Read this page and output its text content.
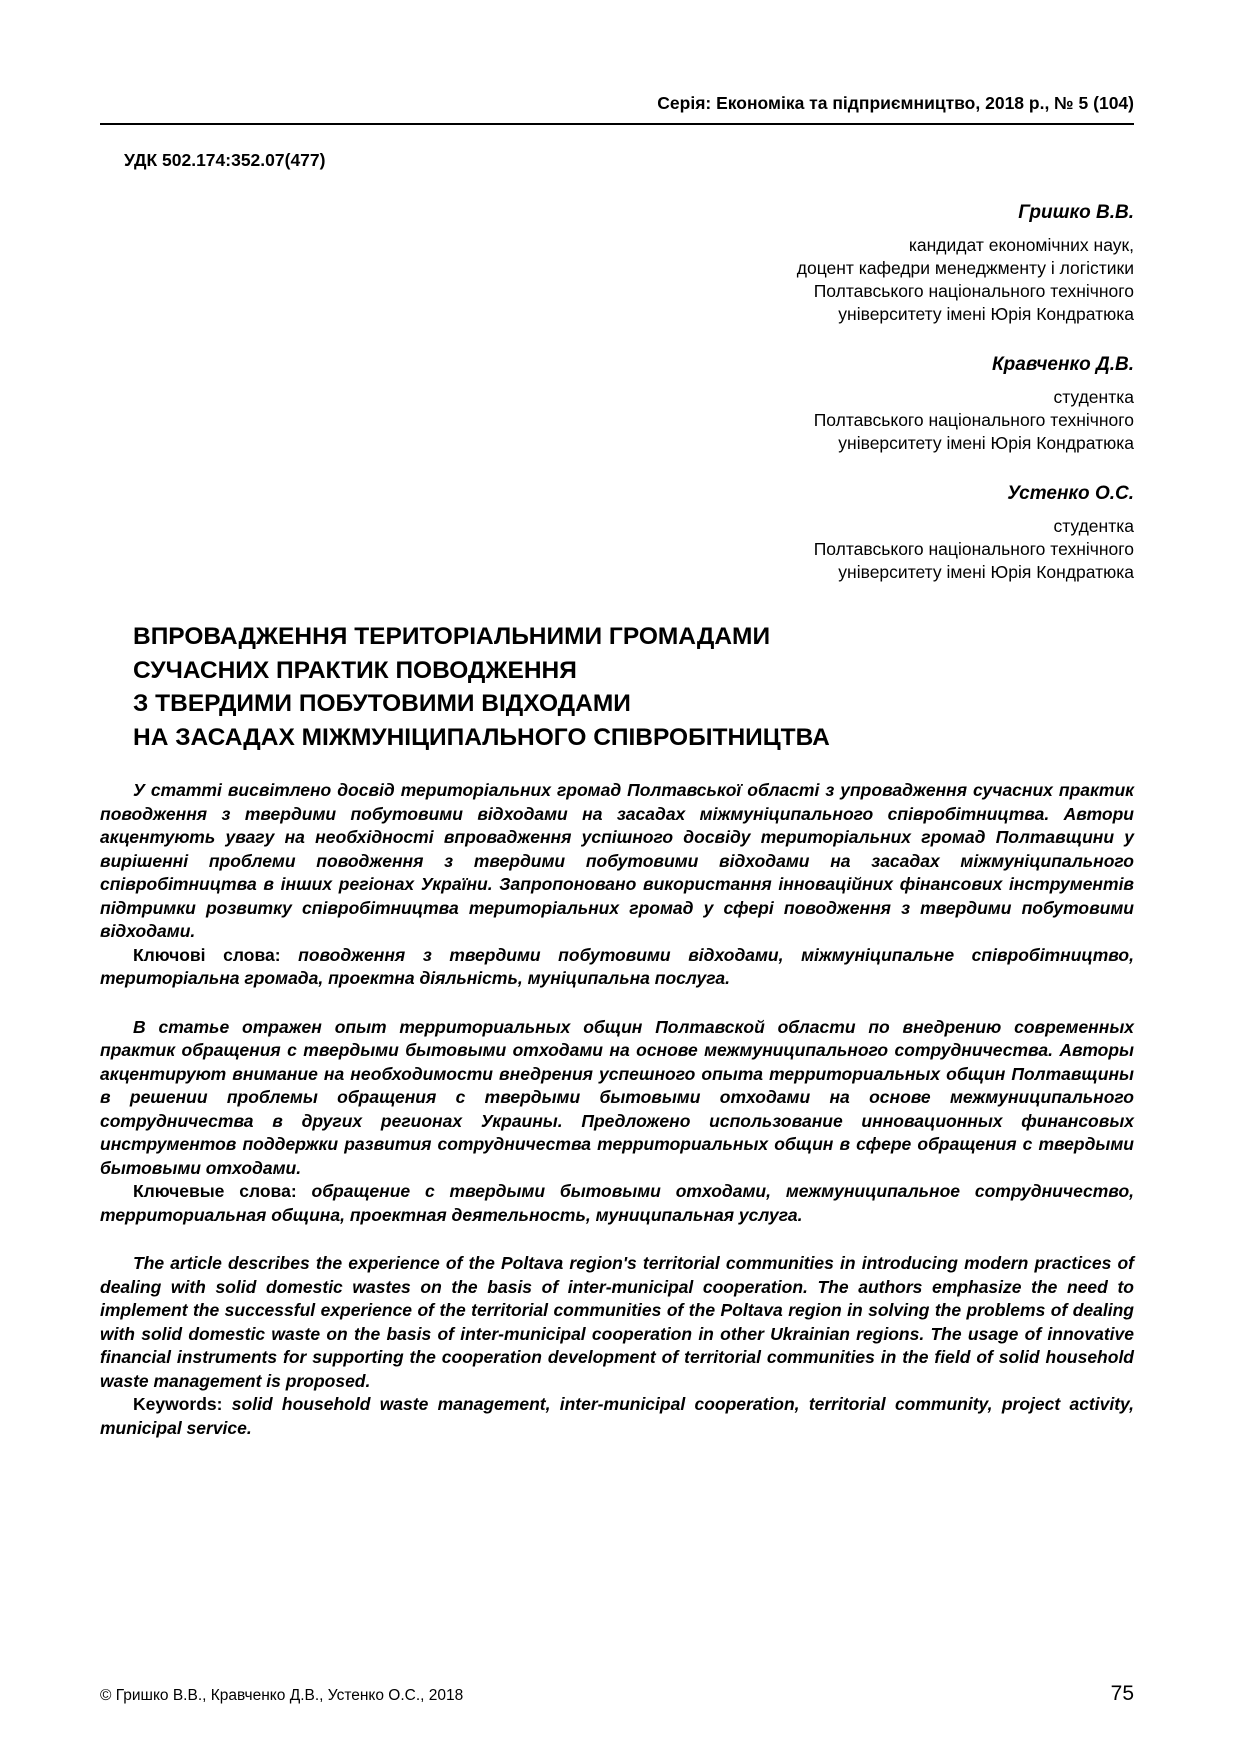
Серія: Економіка та підприємництво, 2018 р., № 5 (104)
УДК 502.174:352.07(477)
Гришко В.В.
кандидат економічних наук,
доцент кафедри менеджменту і логістики
Полтавського національного технічного
університету імені Юрія Кондратюка
Кравченко Д.В.
студентка
Полтавського національного технічного
університету імені Юрія Кондратюка
Устенко О.С.
студентка
Полтавського національного технічного
університету імені Юрія Кондратюка
ВПРОВАДЖЕННЯ ТЕРИТОРІАЛЬНИМИ ГРОМАДАМИ
СУЧАСНИХ ПРАКТИК ПОВОДЖЕННЯ
З ТВЕРДИМИ ПОБУТОВИМИ ВІДХОДАМИ
НА ЗАСАДАХ МІЖМУНІЦИПАЛЬНОГО СПІВРОБІТНИЦТВА

У статті висвітлено досвід територіальних громад Полтавської області з упровадження сучасних практик поводження з твердими побутовими відходами на засадах міжмуніципального співробітництва. Автори акцентують увагу на необхідності впровадження успішного досвіду територіальних громад Полтавщини у вирішенні проблеми поводження з твердими побутовими відходами на засадах міжмуніципального співробітництва в інших регіонах України. Запропоновано використання інноваційних фінансових інструментів підтримки розвитку співробітництва територіальних громад у сфері поводження з твердими побутовими відходами.

Ключові слова: поводження з твердими побутовими відходами, міжмуніципальне співробітництво, територіальна громада, проектна діяльність, муніципальна послуга.

В статье отражен опыт территориальных общин Полтавской области по внедрению современных практик обращения с твердыми бытовыми отходами на основе межмуниципального сотрудничества. Авторы акцентируют внимание на необходимости внедрения успешного опыта территориальных общин Полтавщины в решении проблемы обращения с твердыми бытовыми отходами на основе межмуниципального сотрудничества в других регионах Украины. Предложено использование инновационных финансовых инструментов поддержки развития сотрудничества территориальных общин в сфере обращения с твердыми бытовыми отходами.

Ключевые слова: обращение с твердыми бытовыми отходами, межмуниципальное сотрудничество, территориальная община, проектная деятельность, муниципальная услуга.

The article describes the experience of the Poltava region's territorial communities in introducing modern practices of dealing with solid domestic wastes on the basis of inter-municipal cooperation. The authors emphasize the need to implement the successful experience of the territorial communities of the Poltava region in solving the problems of dealing with solid domestic waste on the basis of inter-municipal cooperation in other Ukrainian regions. The usage of innovative financial instruments for supporting the cooperation development of territorial communities in the field of solid household waste management is proposed.

Keywords: solid household waste management, inter-municipal cooperation, territorial community, project activity, municipal service.

© Гришко В.В., Кравченко Д.В., Устенко О.С., 2018	75
